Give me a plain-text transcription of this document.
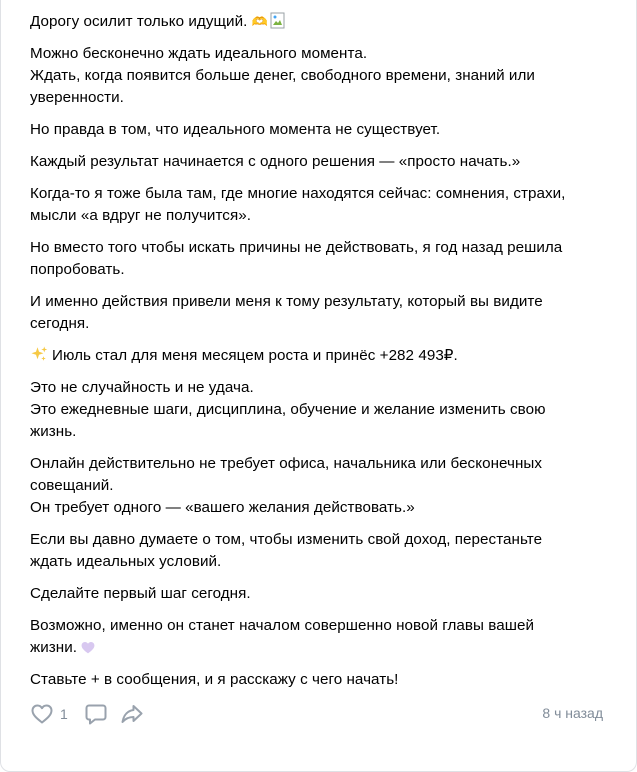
Дорогу осилит только идущий. 🫶
Можно бесконечно ждать идеального момента.
Ждать, когда появится больше денег, свободного времени, знаний или
уверенности.
Но правда в том, что идеального момента не существует.
Каждый результат начинается с одного решения — «просто начать.»
Когда-то я тоже была там, где многие находятся сейчас: сомнения, страхи,
мысли «а вдруг не получится».
Но вместо того чтобы искать причины не действовать, я год назад решила
попробовать.
И именно действия привели меня к тому результату, который вы видите
сегодня.
Июль стал для меня месяцем роста и принёс +282 493₽.
Это не случайность и не удача.
Это ежедневные шаги, дисциплина, обучение и желание изменить свою
жизнь.
Онлайн действительно не требует офиса, начальника или бесконечных
совещаний.
Он требует одного — «вашего желания действовать.»
Если вы давно думаете о том, чтобы изменить свой доход, перестаньте
ждать идеальных условий.
Сделайте первый шаг сегодня.
Возможно, именно он станет началом совершенно новой главы вашей
жизни.
Ставьте + в сообщения, и я расскажу с чего начать!
1	8 ч назад
